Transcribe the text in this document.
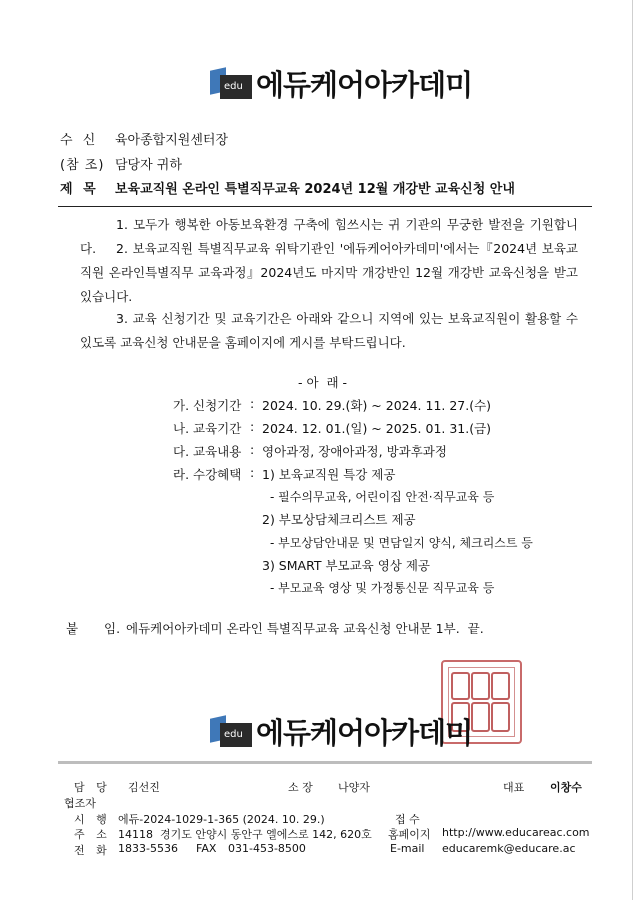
edu 에듀케어아카데미
수 신	육아종합지원센터장
(참 조) 담당자 귀하
제 목	보육교직원 온라인 특별직무교육 2024년 12월 개강반 교육신청 안내
1. 모두가 행복한 아동보육환경 구축에 힘쓰시는 귀 기관의 무궁한 발전을 기원합니다.	2. 보육교직원 특별직무교육 위탁기관인 '에듀케어아카데미'에서는『2024년 보육교직원 온라인특별직무 교육과정』2024년도 마지막 개강반인 12월 개강반 교육신청을 받고 있습니다.
3. 교육 신청기간 및 교육기간은 아래와 같으니 지역에 있는 보육교직원이 활용할 수 있도록 교육신청 안내문을 홈페이지에 게시를 부탁드립니다.
- 아  래 -
가. 신청기간 : 2024. 10. 29.(화) ~ 2024. 11. 27.(수)
나. 교육기간 : 2024. 12. 01.(일) ~ 2025. 01. 31.(금)
다. 교육내용 : 영아과정, 장애아과정, 방과후과정
라. 수강혜택 : 1) 보육교직원 특강 제공
- 필수의무교육, 어린이집 안전·직무교육 등
2) 부모상담체크리스트 제공
- 부모상담안내문 및 면담일지 양식, 체크리스트 등
3) SMART 부모교육 영상 제공
- 부모교육 영상 및 가정통신문 직무교육 등
붙 임. 에듀케어아카데미 온라인 특별직무교육 교육신청 안내문 1부.  끝.
edu 에듀케어아카데미
담 당 김선진	소 장 나양자	대표 이창수
협조자
시 행 에듀-2024-1029-1-365 (2024. 10. 29.)	접 수
주 소 14118  경기도 안양시 동안구 엘에스로 142, 620호 홈페이지 http://www.educareac.com
전 화 1833-5536 FAX 031-453-8500	E-mail educaremk@educare.ac
